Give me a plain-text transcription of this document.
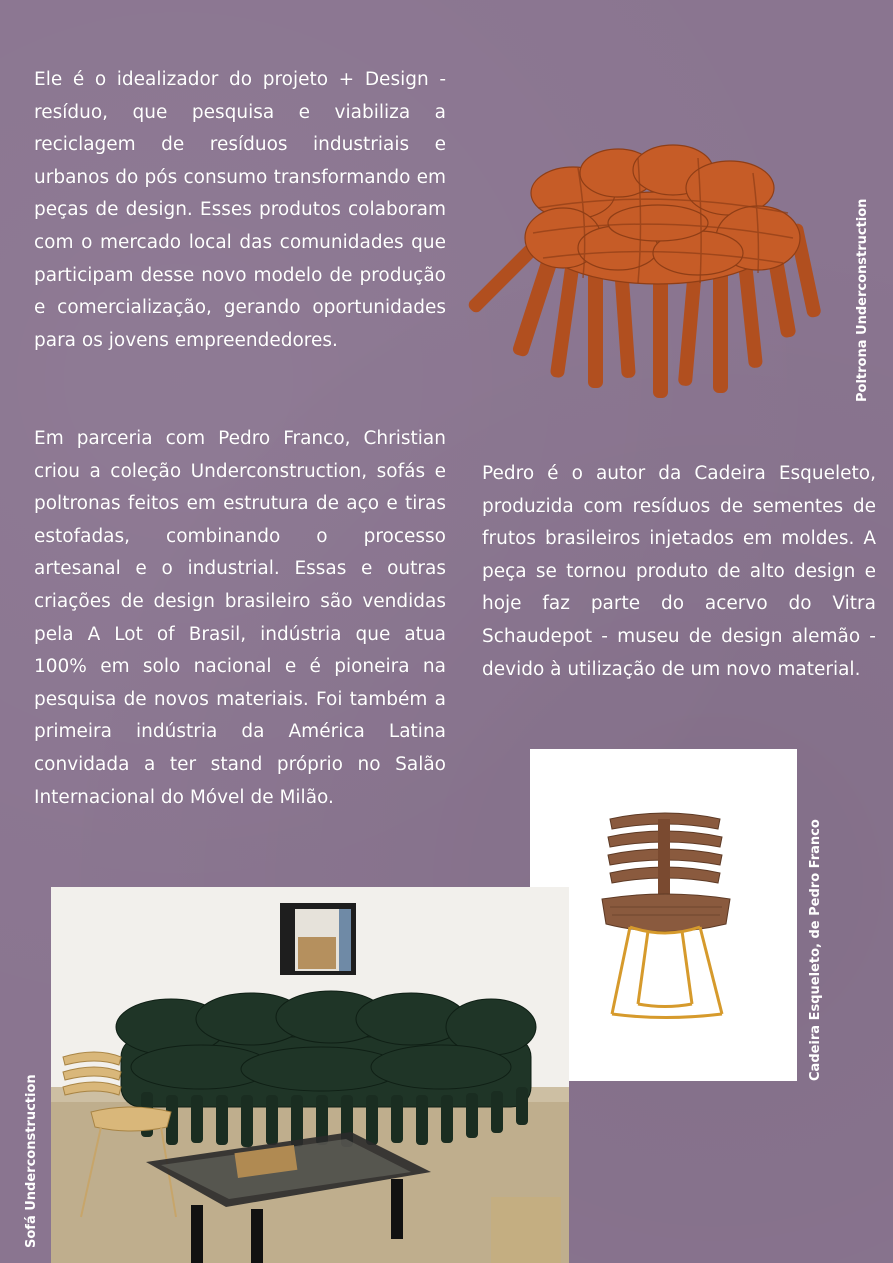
Ele é o idealizador do projeto + Design - resíduo, que pesquisa e viabiliza a reciclagem de resíduos industriais e urbanos do pós consumo transformando em peças de design. Esses produtos colaboram com o mercado local das comunidades que participam desse novo modelo de produção e comercialização, gerando oportunidades para os jovens empreendedores.

Em parceria com Pedro Franco, Christian criou a coleção Underconstruction, sofás e poltronas feitos em estrutura de aço e tiras estofadas, combinando o processo artesanal e o industrial. Essas e outras criações de design brasileiro são vendidas pela A Lot of Brasil, indústria que atua 100% em solo nacional e é pioneira na pesquisa de novos materiais. Foi também a primeira indústria da América Latina convidada a ter stand próprio no Salão Internacional do Móvel de Milão.

Pedro é o autor da Cadeira Esqueleto, produzida com resíduos de sementes de frutos brasileiros injetados em moldes. A peça se tornou produto de alto design e hoje faz parte do acervo do Vitra Schaudepot - museu de design alemão - devido à utilização de um novo material.

Poltrona Underconstruction
Cadeira Esqueleto, de Pedro Franco
Sofá Underconstruction
